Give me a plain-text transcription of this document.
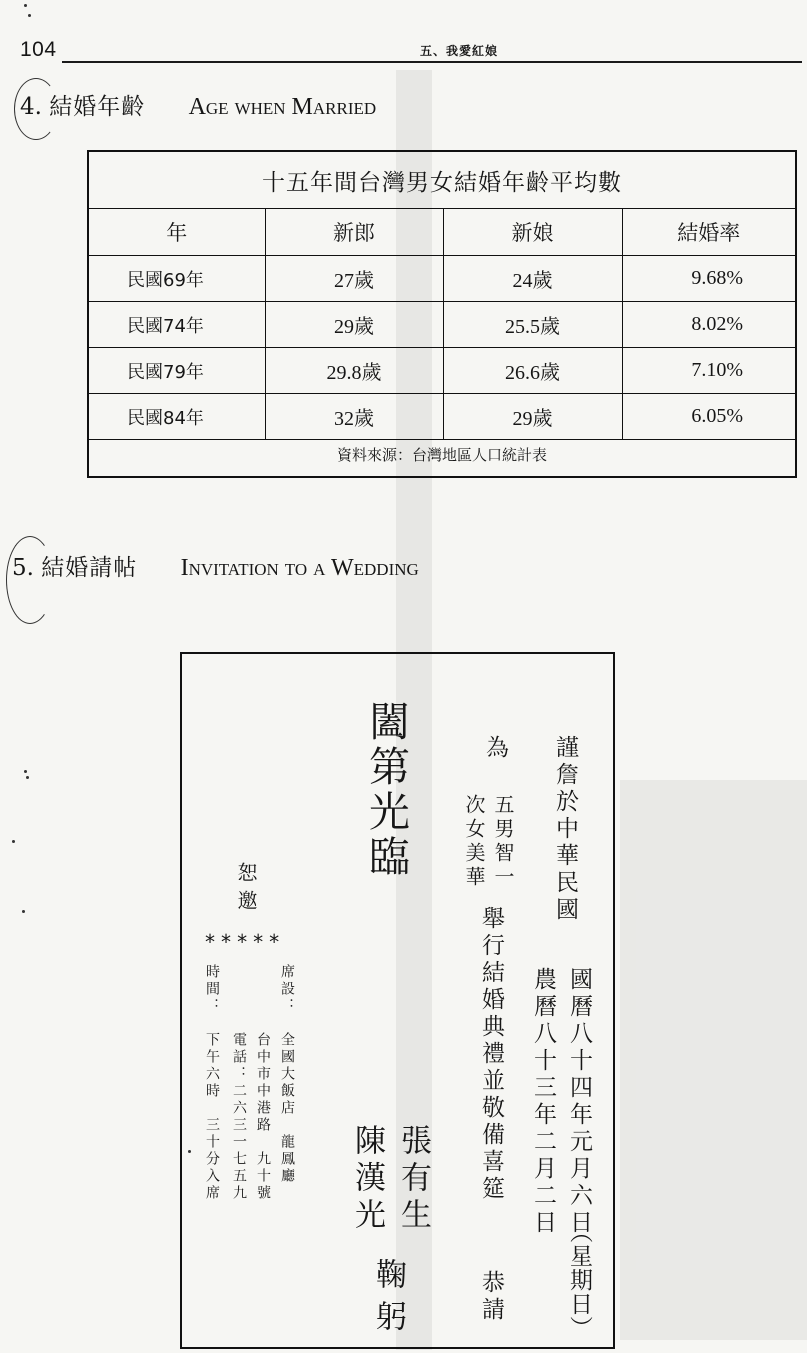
104	五、我愛紅娘
4. 結婚年齡 Age when Married
十五年間台灣男女結婚年齡平均數			
年	新郎	新娘	結婚率
民國69年	27歲	24歲	9.68%
民國74年	29歲	25.5歲	8.02%
民國79年	29.8歲	26.6歲	7.10%
民國84年	32歲	29歲	6.05%
資料來源：台灣地區人口統計表			
5. 結婚請帖 Invitation to a Wedding
謹詹於中華民國
國曆八十四年元月六日
（星期日）
農曆八十三年二月二日
為
五男智一
次女美華
舉行結婚典禮並敬備喜筵
恭請
闔第光臨
張有生
鞠
陳漢光
躬
恕邀
*****
席設：
全國大飯店　龍鳳廳
台中市中港路　九十號
電話：二六三一七五九
時間：
下午六時　三十分入席
